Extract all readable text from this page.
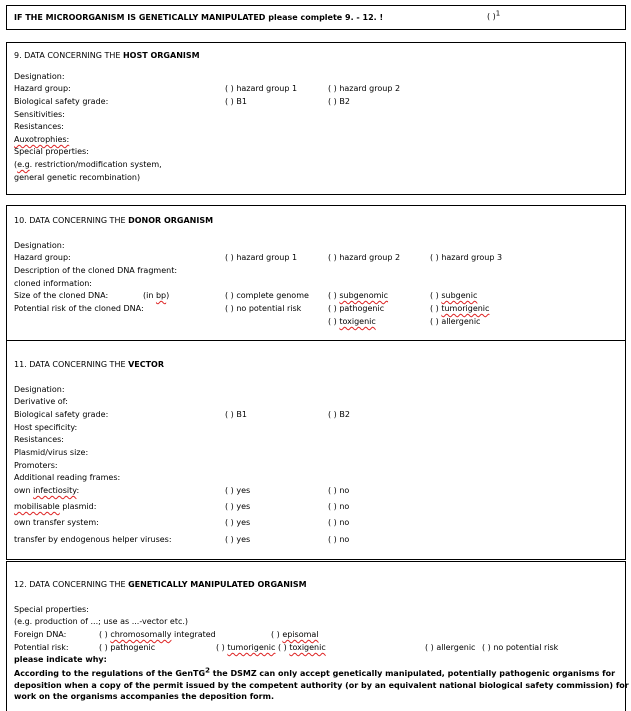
IF THE MICROORGANISM IS GENETICALLY MANIPULATED please complete 9. - 12. !	( )$^1$
9. DATA CONCERNING THE HOST ORGANISM
Designation:
Hazard group:	( ) hazard group 1	( ) hazard group 2
Biological safety grade:	( ) B1	( ) B2
Sensitivities:
Resistances:
Auxotrophies:
Special properties:
(e.g. restriction/modification system,
general genetic recombination)
10. DATA CONCERNING THE DONOR ORGANISM
Designation:
Hazard group:	( ) hazard group 1	( ) hazard group 2	( ) hazard group 3
Description of the cloned DNA fragment:
cloned information:
Size of the cloned DNA:	(in bp)	( ) complete genome ( ) subgenomic	( ) subgenic
Potential risk of the cloned DNA:	( ) no potential risk	( ) pathogenic	( ) tumorigenic
( ) toxigenic	( ) allergenic
11. DATA CONCERNING THE VECTOR
Designation:
Derivative of:
Biological safety grade:	( ) B1	( ) B2
Host specificity:
Resistances:
Plasmid/virus size:
Promoters:
Additional reading frames:
own infectiosity:	( ) yes	( ) no
mobilisable plasmid:	( ) yes	( ) no
own transfer system:	( ) yes	( ) no
transfer by endogenous helper viruses:	( ) yes	( ) no
12. DATA CONCERNING THE GENETICALLY MANIPULATED ORGANISM
Special properties:
(e.g. production of ...; use as ...-vector etc.)
Foreign DNA:	( ) chromosomally integrated	( ) episomal
Potential risk:	( ) pathogenic	( ) tumorigenic ( ) toxigenic	( ) allergenic ( ) no potential risk
please indicate why:
According to the regulations of the GenTG$^2$ the DSMZ can only accept genetically manipulated, potentially pathogenic organisms for
deposition when a copy of the permit issued by the competent authority (or by an equivalent national biological safety commission) for
work on the organisms accompanies the deposition form.
